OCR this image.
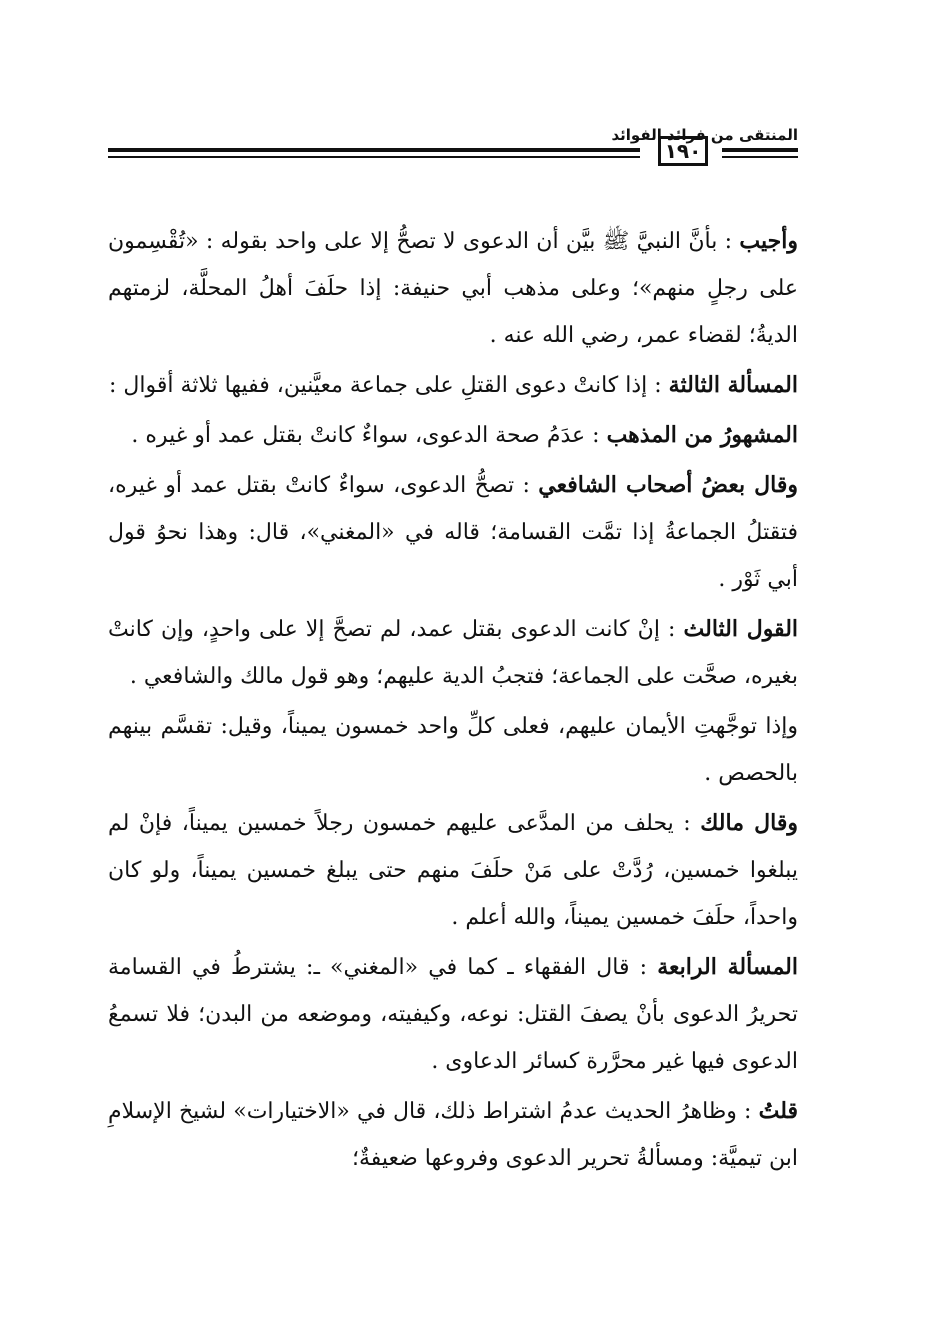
١٩٠
المنتقى من فرائد الفوائد

وأجيب : بأنَّ النبيَّ ﷺ بيَّن أن الدعوى لا تصحُّ إلا على واحد بقوله : «تُقْسِمون على رجلٍ منهم»؛ وعلى مذهب أبي حنيفة: إذا حلَفَ أهلُ المحلَّة، لزمتهم الديةُ؛ لقضاء عمر، رضي الله عنه .

المسألة الثالثة : إذا كانتْ دعوى القتلِ على جماعة معيَّنين، ففيها ثلاثة أقوال :

المشهورُ من المذهب : عدَمُ صحة الدعوى، سواءٌ كانتْ بقتل عمد أو غيره .

وقال بعضُ أصحاب الشافعي : تصحُّ الدعوى، سواءٌ كانتْ بقتل عمد أو غيره، فتقتلُ الجماعةُ إذا تمَّت القسامة؛ قاله في «المغني»، قال: وهذا نحوُ قول أبي ثَوْر .

القول الثالث : إنْ كانت الدعوى بقتل عمد، لم تصحَّ إلا على واحدٍ، وإن كانتْ بغيره، صحَّت على الجماعة؛ فتجبُ الدية عليهم؛ وهو قول مالك والشافعي .

وإذا توجَّهتِ الأيمان عليهم، فعلى كلِّ واحد خمسون يميناً، وقيل: تقسَّم بينهم بالحصص .

وقال مالك : يحلف من المدَّعى عليهم خمسون رجلاً خمسين يميناً، فإنْ لم يبلغوا خمسين، رُدَّتْ على مَنْ حلَفَ منهم حتى يبلغ خمسين يميناً، ولو كان واحداً، حلَفَ خمسين يميناً، والله أعلم .

المسألة الرابعة : قال الفقهاء ـ كما في «المغني» ـ: يشترطُ في القسامة تحريرُ الدعوى بأنْ يصفَ القتل: نوعه، وكيفيته، وموضعه من البدن؛ فلا تسمعُ الدعوى فيها غير محرَّرة كسائر الدعاوى .

قلتُ : وظاهرُ الحديث عدمُ اشتراط ذلك، قال في «الاختيارات» لشيخ الإسلامِ ابن تيميَّة: ومسألةُ تحرير الدعوى وفروعها ضعيفةٌ؛
